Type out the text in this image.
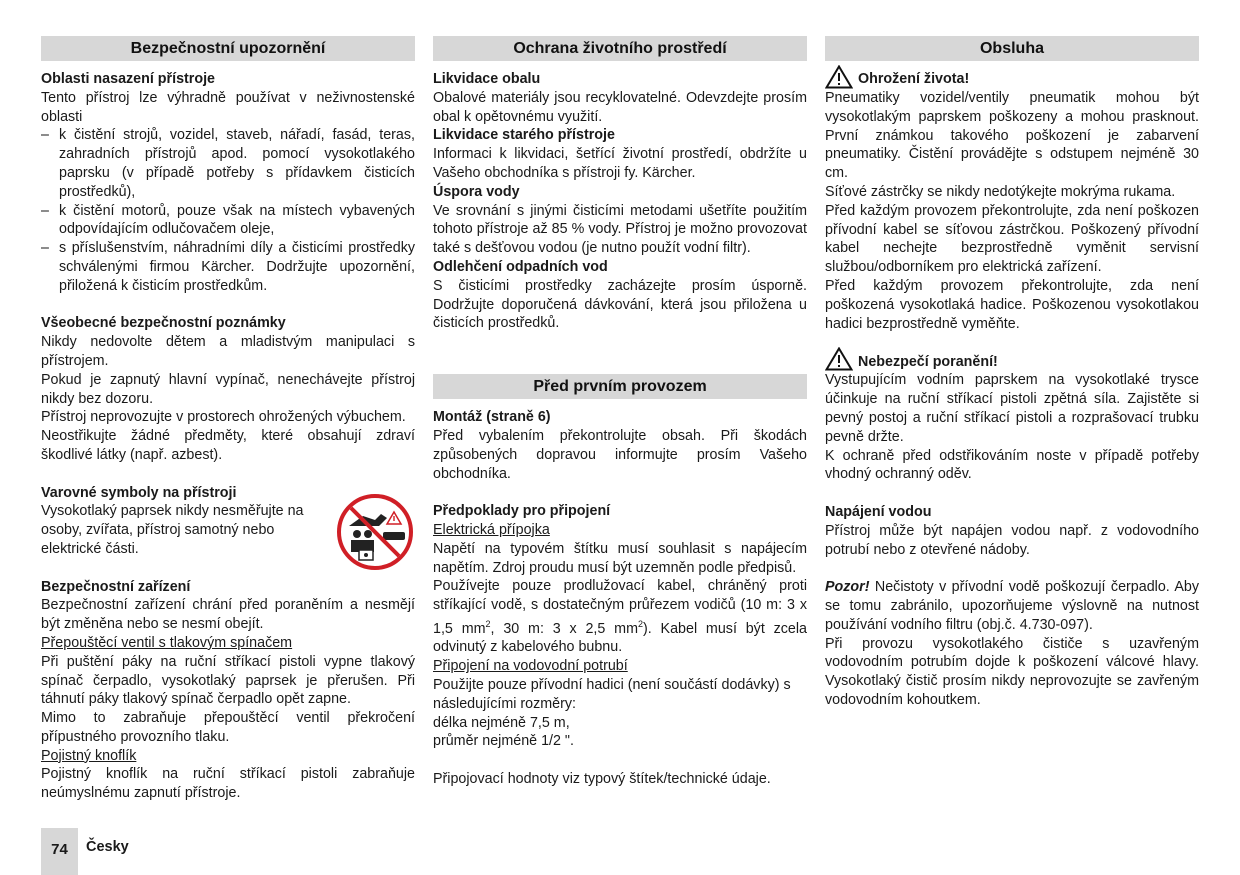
Bezpečnostní upozornění

Oblasti nasazení přístroje

Tento přístroj lze výhradně používat v neživnostenské oblasti

– k čistění strojů, vozidel, staveb, nářadí, fasád, teras, zahradních přístrojů apod. pomocí vysokotlakého paprsku (v případě potřeby s přídavkem čisticích prostředků),
– k čistění motorů, pouze však na místech vybavených odpovídajícím odlučovačem oleje,
– s příslušenstvím, náhradními díly a čisticími prostředky schválenými firmou Kärcher. Dodržujte upozornění, přiložená k čisticím prostředkům.

Všeobecné bezpečnostní poznámky

Nikdy nedovolte dětem a mladistvým manipulaci s přístrojem.

Pokud je zapnutý hlavní vypínač, nenechávejte přístroj nikdy bez dozoru.

Přístroj neprovozujte v prostorech ohrožených výbuchem.

Neostřikujte žádné předměty, které obsahují zdraví škodlivé látky (např. azbest).

Varovné symboly na přístroji

Vysokotlaký paprsek nikdy nesměřujte na osoby, zvířata, přístroj samotný nebo elektrické části.

Bezpečnostní zařízení

Bezpečnostní zařízení chrání před poraněním a nesmějí být změněna nebo se nesmí obejít.

Přepouštěcí ventil s tlakovým spínačem

Při puštění páky na ruční stříkací pistoli vypne tlakový spínač čerpadlo, vysokotlaký paprsek je přerušen. Při táhnutí páky tlakový spínač čerpadlo opět zapne.

Mimo to zabraňuje přepouštěcí ventil překročení přípustného provozního tlaku.

Pojistný knoflík

Pojistný knoflík na ruční stříkací pistoli zabraňuje neúmyslnému zapnutí přístroje.

Ochrana životního prostředí

Likvidace obalu

Obalové materiály jsou recyklovatelné. Odevzdejte prosím obal k opětovnému využití.

Likvidace starého přístroje

Informaci k likvidaci, šetřící životní prostředí, obdržíte u Vašeho obchodníka s přístroji fy. Kärcher.

Úspora vody

Ve srovnání s jinými čisticími metodami ušetříte použitím tohoto přístroje až 85 % vody. Přístroj je možno provozovat také s dešťovou vodou (je nutno použít vodní filtr).

Odlehčení odpadních vod

S čisticími prostředky zacházejte prosím úsporně. Dodržujte doporučená dávkování, která jsou přiložena u čisticích prostředků.

Před prvním provozem

Montáž (straně 6)

Před vybalením překontrolujte obsah. Při škodách způsobených dopravou informujte prosím Vašeho obchodníka.

Předpoklady pro připojení

Elektrická přípojka

Napětí na typovém štítku musí souhlasit s napájecím napětím. Zdroj proudu musí být uzemněn podle předpisů.

Používejte pouze prodlužovací kabel, chráněný proti stříkající vodě, s dostatečným průřezem vodičů (10 m: 3 x 1,5 $mm^2$, 30 m: 3 x 2,5 $mm^2$). Kabel musí být zcela odvinutý z kabelového bubnu.

Připojení na vodovodní potrubí

Použijte pouze přívodní hadici (není součástí dodávky) s následujícími rozměry:

délka nejméně 7,5 m,

průměr nejméně 1/2 ".

Připojovací hodnoty viz typový štítek/technické údaje.

Obsluha
Ohrožení života!

Pneumatiky vozidel/ventily pneumatik mohou být vysokotlakým paprskem poškozeny a mohou prasknout. První známkou takového poškození je zabarvení pneumatiky. Čistění provádějte s odstupem nejméně 30 cm.

Síťové zástrčky se nikdy nedotýkejte mokrýma rukama.

Před každým provozem překontrolujte, zda není poškozen přívodní kabel se síťovou zástrčkou. Poškozený přívodní kabel nechejte bezprostředně vyměnit servisní službou/odborníkem pro elektrická zařízení.

Před každým provozem překontrolujte, zda není poškozená vysokotlaká hadice. Poškozenou vysokotlakou hadici bezprostředně vyměňte.

Nebezpečí poranění!

Vystupujícím vodním paprskem na vysokotlaké trysce účinkuje na ruční stříkací pistoli zpětná síla. Zajistěte si pevný postoj a ruční stříkací pistoli a rozprašovací trubku pevně držte.

K ochraně před odstřikováním noste v případě potřeby vhodný ochranný oděv.

Napájení vodou

Přístroj může být napájen vodou např. z vodovodního potrubí nebo z otevřené nádoby.

Pozor! Nečistoty v přívodní vodě poškozují čerpadlo. Aby se tomu zabránilo, upozorňujeme výslovně na nutnost používání vodního filtru (obj.č. 4.730-097).

Při provozu vysokotlakého čističe s uzavřeným vodovodním potrubím dojde k poškození válcové hlavy. Vysokotlaký čistič prosím nikdy neprovozujte se zavřeným vodovodním kohoutkem.

74	Česky
